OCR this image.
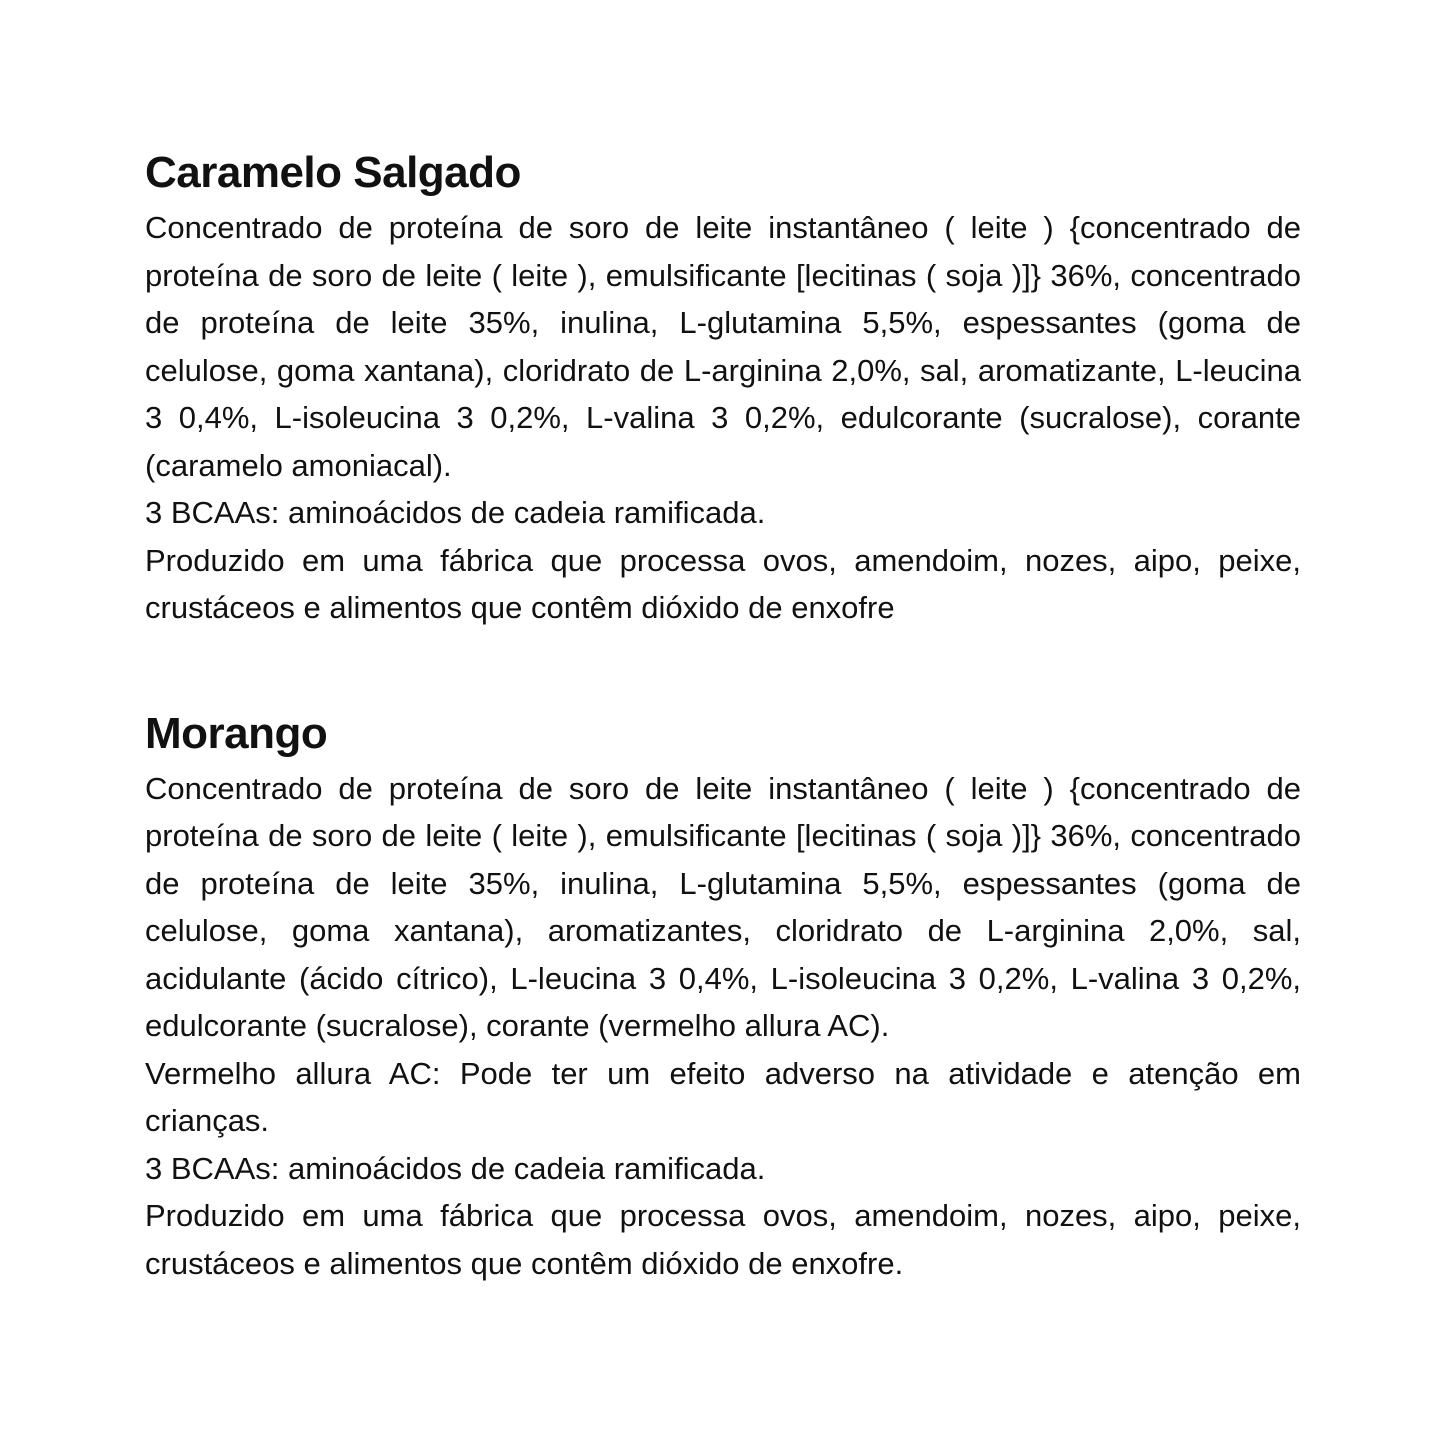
Caramelo Salgado

Concentrado de proteína de soro de leite instantâneo ( leite ) {concentrado de proteína de soro de leite ( leite ), emulsificante [lecitinas ( soja )]} 36%, concentrado de proteína de leite 35%, inulina, L-glutamina 5,5%, espessantes (goma de celulose, goma xantana), cloridrato de L-arginina 2,0%, sal, aromatizante, L-leucina 3 0,4%, L-isoleucina 3 0,2%, L-valina 3 0,2%, edulcorante (sucralose), corante (caramelo amoniacal).

3 BCAAs: aminoácidos de cadeia ramificada.

Produzido em uma fábrica que processa ovos, amendoim, nozes, aipo, peixe, crustáceos e alimentos que contêm dióxido de enxofre

Morango

Concentrado de proteína de soro de leite instantâneo ( leite ) {concentrado de proteína de soro de leite ( leite ), emulsificante [lecitinas ( soja )]} 36%, concentrado de proteína de leite 35%, inulina, L-glutamina 5,5%, espessantes (goma de celulose, goma xantana), aromatizantes, cloridrato de L-arginina 2,0%, sal, acidulante (ácido cítrico), L-leucina 3 0,4%, L-isoleucina 3 0,2%, L-valina 3 0,2%, edulcorante (sucralose), corante (vermelho allura AC).

Vermelho allura AC: Pode ter um efeito adverso na atividade e atenção em crianças.

3 BCAAs: aminoácidos de cadeia ramificada.

Produzido em uma fábrica que processa ovos, amendoim, nozes, aipo, peixe, crustáceos e alimentos que contêm dióxido de enxofre.
